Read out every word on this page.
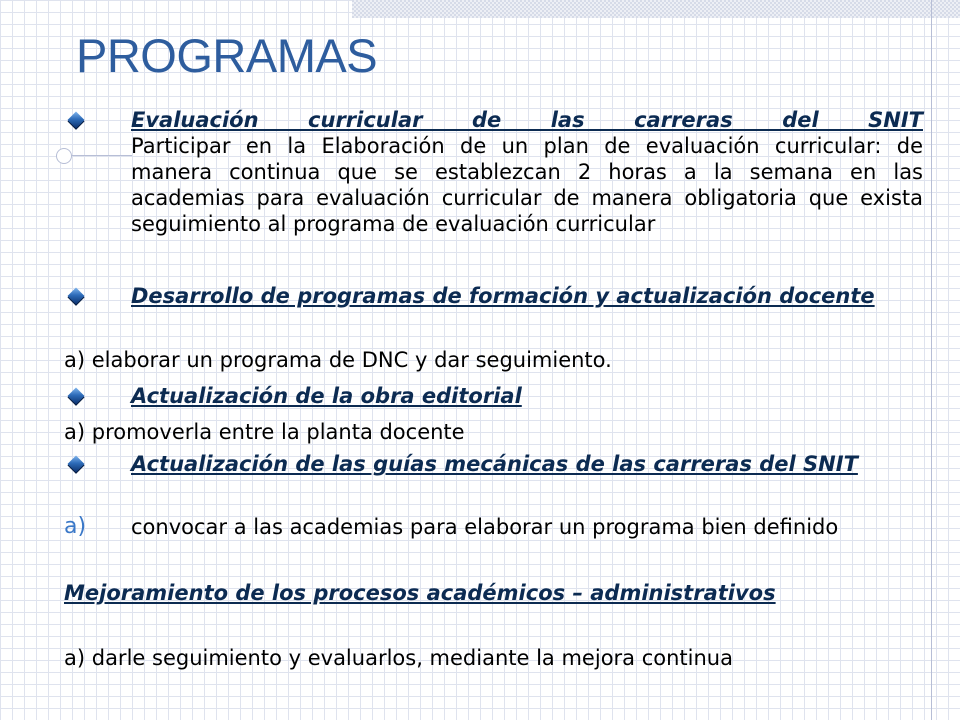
PROGRAMAS
Evaluación curricular de las carreras del SNIT
Participar en la Elaboración de un plan de evaluación curricular: de manera continua que se establezcan 2 horas a la semana en las academias para evaluación curricular de manera obligatoria que exista seguimiento al programa de evaluación curricular
Desarrollo de programas de formación y actualización docente
a) elaborar un programa de DNC y dar seguimiento.
Actualización de la obra editorial
a) promoverla entre la planta docente
Actualización de las guías mecánicas de las carreras del SNIT
a) convocar a las academias para elaborar un programa bien definido
Mejoramiento de los procesos académicos – administrativos
a) darle seguimiento y evaluarlos, mediante la mejora continua
